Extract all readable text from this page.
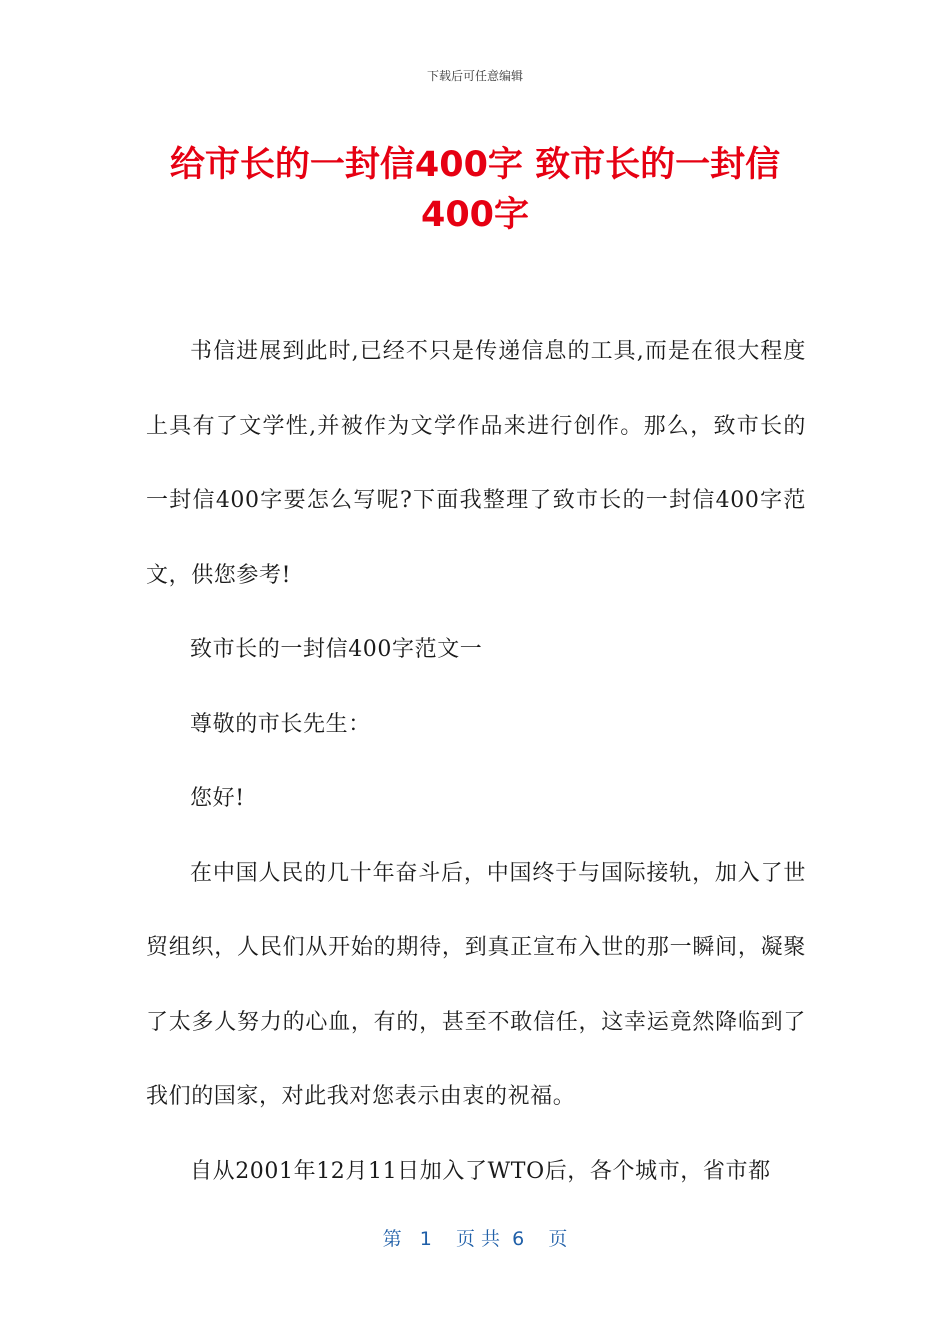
下载后可任意编辑
给市长的一封信400字 致市长的一封信400字

书信进展到此时,已经不只是传递信息的工具,而是在很大程度上具有了文学性,并被作为文学作品来进行创作。那么，致市长的一封信400字要怎么写呢?下面我整理了致市长的一封信400字范文，供您参考!

致市长的一封信400字范文一

尊敬的市长先生：

您好!

在中国人民的几十年奋斗后，中国终于与国际接轨，加入了世贸组织，人民们从开始的期待，到真正宣布入世的那一瞬间，凝聚了太多人努力的心血，有的，甚至不敢信任，这幸运竟然降临到了我们的国家，对此我对您表示由衷的祝福。

自从2001年12月11日加入了WTO后，各个城市，省市都

第   1    页 共  6    页
